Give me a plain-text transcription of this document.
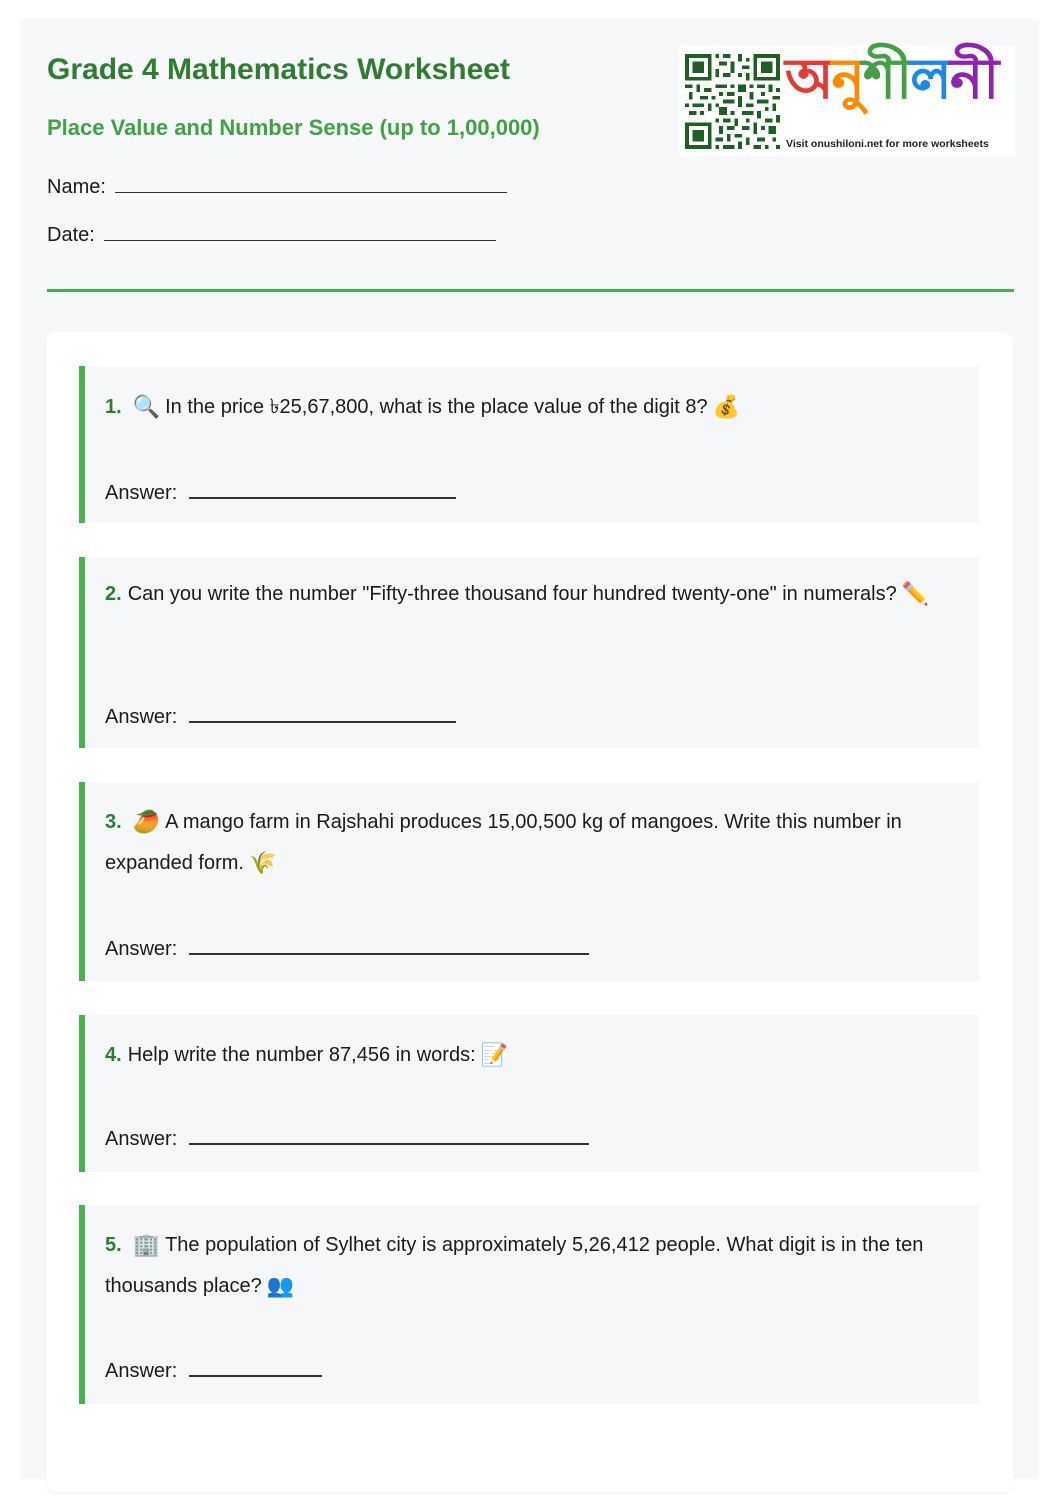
Grade 4 Mathematics Worksheet
Place Value and Number Sense (up to 1,00,000)
Name:
Date:
অনুশীলনী
Visit onushiloni.net for more worksheets
1. 🔍 In the price ৳25,67,800, what is the place value of the digit 8? 💰
Answer:
2. Can you write the number "Fifty-three thousand four hundred twenty-one" in numerals? ✏️
Answer:
3. 🥭 A mango farm in Rajshahi produces 15,00,500 kg of mangoes. Write this number in expanded form. 🌾
Answer:
4. Help write the number 87,456 in words: 📝
Answer:
5. 🏢 The population of Sylhet city is approximately 5,26,412 people. What digit is in the ten thousands place? 👥
Answer:
